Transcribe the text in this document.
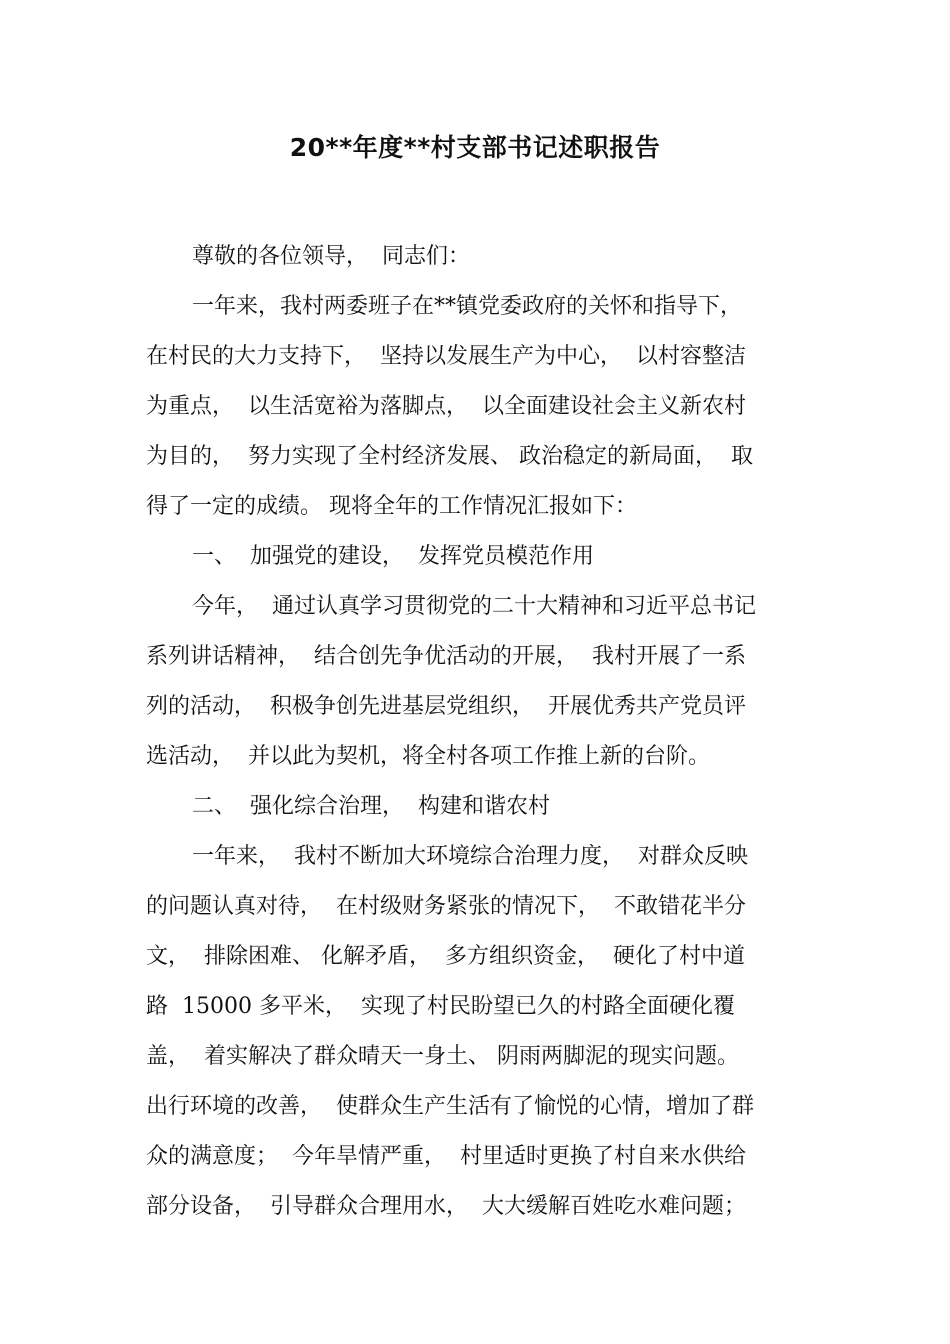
20**年度**村支部书记述职报告
尊敬的各位领导，  同志们：
一年来，我村两委班子在**镇党委政府的关怀和指导下，
在村民的大力支持下，  坚持以发展生产为中心，  以村容整洁
为重点，  以生活宽裕为落脚点，  以全面建设社会主义新农村
为目的，  努力实现了全村经济发展、 政治稳定的新局面，  取
得了一定的成绩。 现将全年的工作情况汇报如下：
一、  加强党的建设，  发挥党员模范作用
今年，  通过认真学习贯彻党的二十大精神和习近平总书记
系列讲话精神，  结合创先争优活动的开展，  我村开展了一系
列的活动，  积极争创先进基层党组织，  开展优秀共产党员评
选活动，  并以此为契机，将全村各项工作推上新的台阶。
二、  强化综合治理，  构建和谐农村
一年来，  我村不断加大环境综合治理力度，  对群众反映
的问题认真对待，  在村级财务紧张的情况下，  不敢错花半分
文，  排除困难、 化解矛盾，  多方组织资金，  硬化了村中道
路  15000 多平米，  实现了村民盼望已久的村路全面硬化覆
盖，  着实解决了群众晴天一身土、 阴雨两脚泥的现实问题。
出行环境的改善，  使群众生产生活有了愉悦的心情，增加了群
众的满意度；  今年旱情严重，  村里适时更换了村自来水供给
部分设备，  引导群众合理用水，  大大缓解百姓吃水难问题；
